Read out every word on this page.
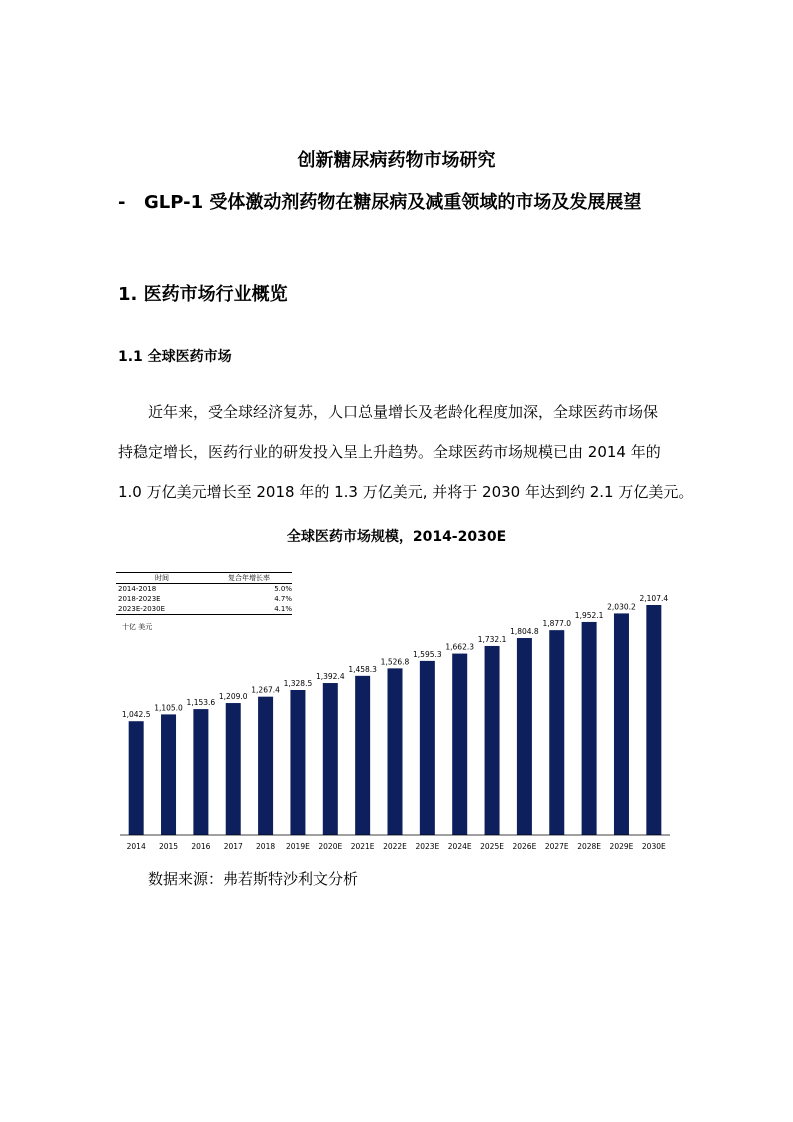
创新糖尿病药物市场研究
- GLP-1 受体激动剂药物在糖尿病及减重领域的市场及发展展望
1. 医药市场行业概览
1.1 全球医药市场
近年来，受全球经济复苏，人口总量增长及老龄化程度加深，全球医药市场保
持稳定增长，医药行业的研发投入呈上升趋势。全球医药市场规模已由 2014 年的
1.0 万亿美元增长至 2018 年的 1.3 万亿美元, 并将于 2030 年达到约 2.1 万亿美元。
全球医药市场规模，2014-2030E
1,042.5
2014
1,105.0
2015
1,153.6
2016
1,209.0
2017
1,267.4
2018
1,328.5
2019E
1,392.4
2020E
1,458.3
2021E
1,526.8
2022E
1,595.3
2023E
1,662.3
2024E
1,732.1
2025E
1,804.8
2026E
1,877.0
2027E
1,952.1
2028E
2,030.2
2029E
2,107.4
2030E
时间	复合年增长率
2014-2018	5.0%
2018-2023E	4.7%
2023E-2030E	4.1%
十亿 美元
数据来源：弗若斯特沙利文分析
